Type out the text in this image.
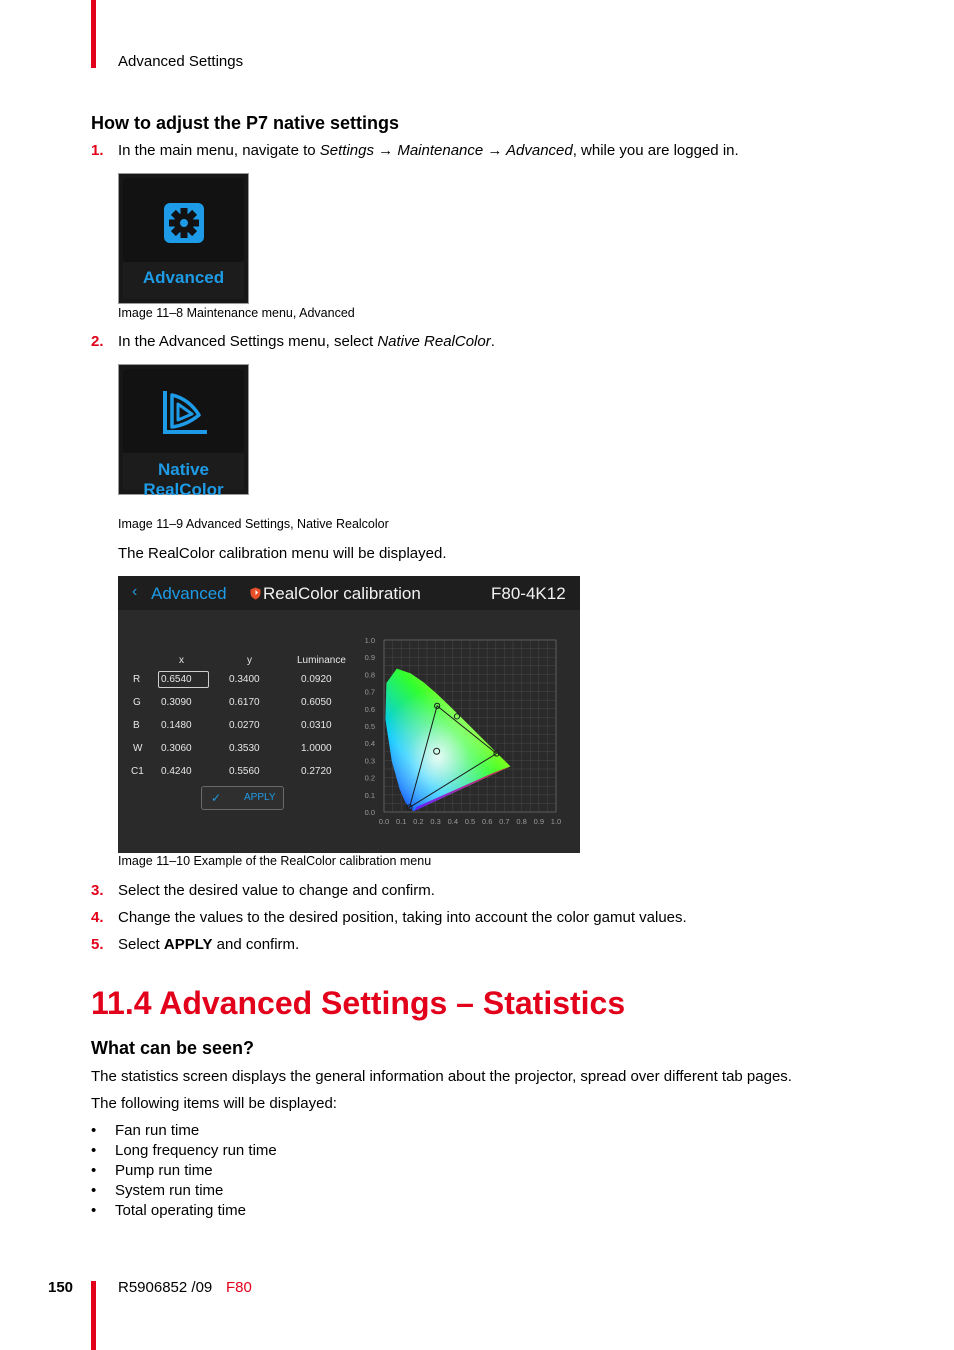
Advanced Settings
How to adjust the P7 native settings
1. In the main menu, navigate to Settings → Maintenance → Advanced, while you are logged in.
Advanced
Image 11–8 Maintenance menu, Advanced
2. In the Advanced Settings menu, select Native RealColor.
Native
RealColor
Image 11–9 Advanced Settings, Native Realcolor
The RealColor calibration menu will be displayed.
‹ Advanced RealColor calibration	F80-4K12
x	y	Luminance
R	0.6540	0.3400	0.0920
G 0.3090	0.6170	0.6050
B 0.1480	0.0270	0.0310
W 0.3060	0.3530	1.0000
C1 0.4240	0.5560	0.2720
✓ APPLY
0.0 0.1 0.2 0.3 0.4 0.5 0.6 0.7 0.8 0.9 1.0
0.0
0.1
0.2
0.3
0.4
0.5
0.6
0.7
0.8
0.9
1.0
Image 11–10 Example of the RealColor calibration menu
3. Select the desired value to change and confirm.
4. Change the values to the desired position, taking into account the color gamut values.
5. Select APPLY and confirm.
11.4 Advanced Settings – Statistics
What can be seen?
The statistics screen displays the general information about the projector, spread over different tab pages.
The following items will be displayed:
• Fan run time
• Long frequency run time
• Pump run time
• System run time
• Total operating time
150	R5906852 /09 F80
